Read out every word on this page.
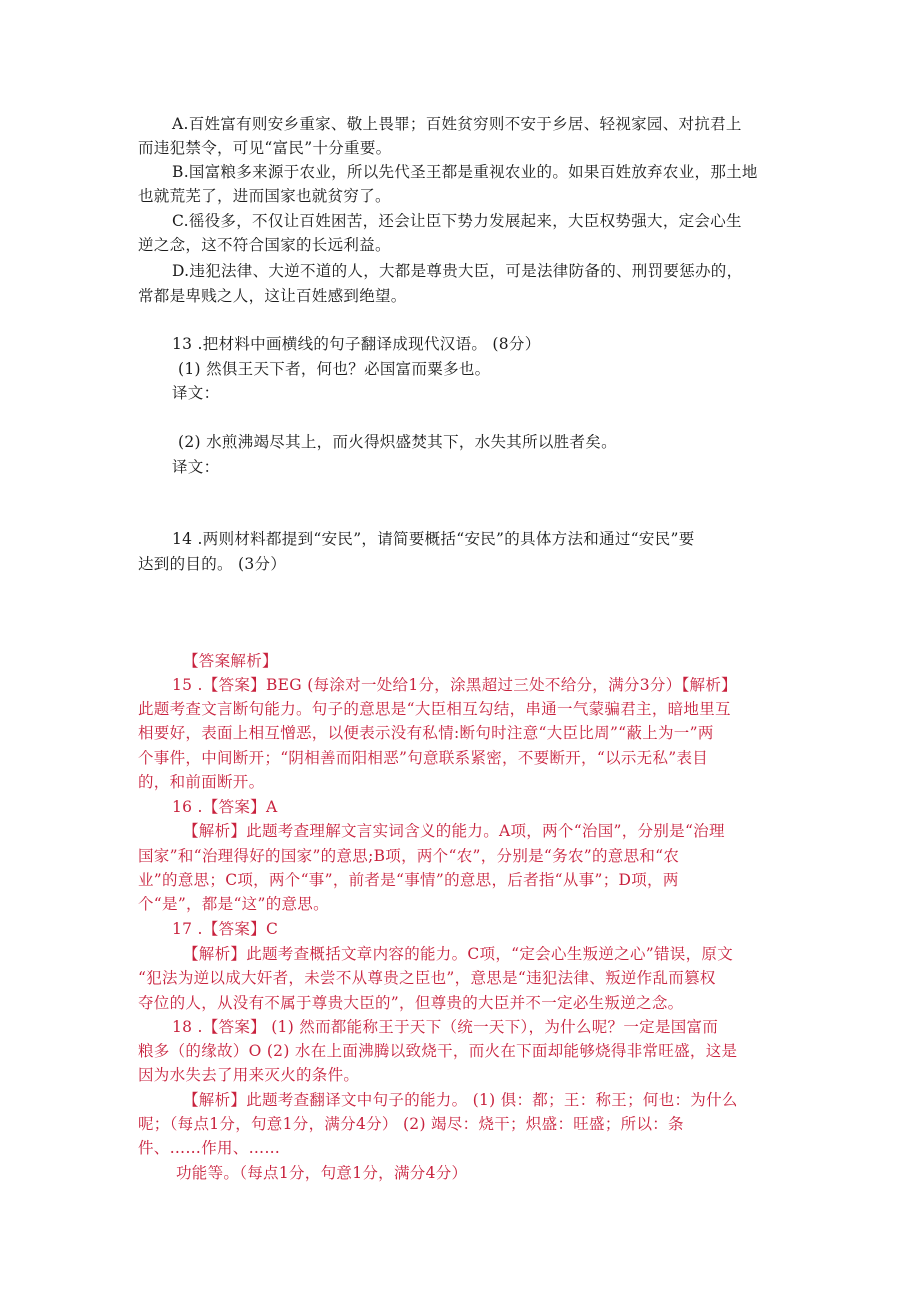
A.百姓富有则安乡重家、敬上畏罪；百姓贫穷则不安于乡居、轻视家园、对抗君上
而违犯禁令，可见“富民”十分重要。
B.国富粮多来源于农业，所以先代圣王都是重视农业的。如果百姓放弃农业，那土地
也就荒芜了，进而国家也就贫穷了。
C.徭役多，不仅让百姓困苦，还会让臣下势力发展起来，大臣权势强大，定会心生
逆之念，这不符合国家的长远利益。
D.违犯法律、大逆不道的人，大都是尊贵大臣，可是法律防备的、刑罚要惩办的，
常都是卑贱之人，这让百姓感到绝望。
13 .把材料中画横线的句子翻译成现代汉语。 (8分）
(1) 然俱王天下者，何也？必国富而粟多也。
译文：
(2) 水煎沸竭尽其上，而火得炽盛焚其下，水失其所以胜者矣。
译文：
14 .两则材料都提到“安民”，请简要概括“安民”的具体方法和通过“安民”要
达到的目的。 (3分）
【答案解析】
15 .【答案】BEG (每涂对一处给1分，涂黑超过三处不给分，满分3分）【解析】
此题考查文言断句能力。句子的意思是“大臣相互勾结，串通一气蒙骗君主，暗地里互
相要好，表面上相互憎恶，以便表示没有私情:断句时注意“大臣比周”“蔽上为一”两
个事件，中间断开；“阴相善而阳相恶”句意联系紧密，不要断开，“以示无私”表目
的，和前面断开。
16 .【答案】A
【解析】此题考查理解文言实词含义的能力。A项，两个“治国”，分别是“治理
国家”和“治理得好的国家”的意思;B项，两个“农”，分别是“务农”的意思和“农
业”的意思；C项，两个“事”，前者是“事情”的意思，后者指“从事”；D项，两
个“是”，都是“这”的意思。
17 .【答案】C
【解析】此题考查概括文章内容的能力。C项，“定会心生叛逆之心”错误，原文
“犯法为逆以成大奸者，未尝不从尊贵之臣也”，意思是“违犯法律、叛逆作乱而篡权
夺位的人，从没有不属于尊贵大臣的”，但尊贵的大臣并不一定必生叛逆之念。
18 .【答案】 (1) 然而都能称王于天下（统一天下），为什么呢？一定是国富而
粮多（的缘故）O (2) 水在上面沸腾以致烧干，而火在下面却能够烧得非常旺盛，这是
因为水失去了用来灭火的条件。
【解析】此题考查翻译文中句子的能力。 (1) 俱：都；王：称王；何也：为什么
呢；（每点1分，句意1分，满分4分） (2) 竭尽：烧干；炽盛：旺盛；所以：条
件、……作用、……
功能等。（每点1分，句意1分，满分4分）
